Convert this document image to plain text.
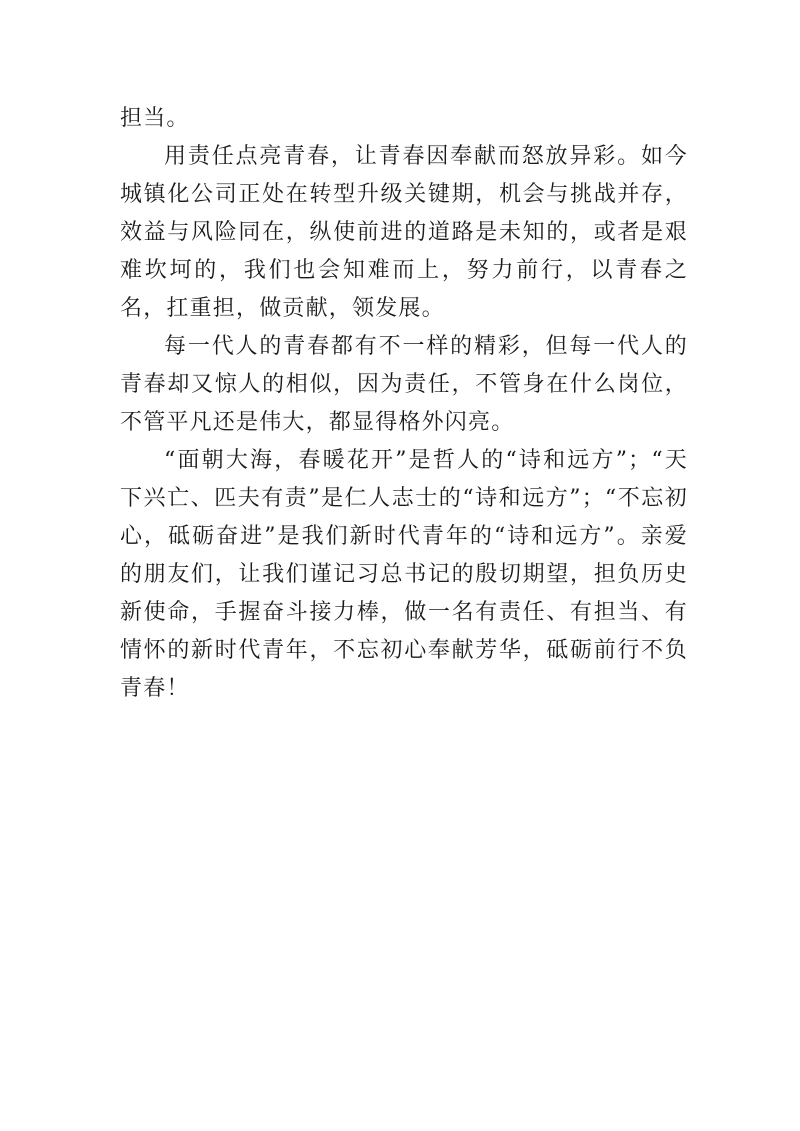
担当。

用责任点亮青春，让青春因奉献而怒放异彩。如今城镇化公司正处在转型升级关键期，机会与挑战并存，效益与风险同在，纵使前进的道路是未知的，或者是艰难坎坷的，我们也会知难而上，努力前行，以青春之名，扛重担，做贡献，领发展。

每一代人的青春都有不一样的精彩，但每一代人的青春却又惊人的相似，因为责任，不管身在什么岗位，不管平凡还是伟大，都显得格外闪亮。

“面朝大海，春暖花开”是哲人的“诗和远方”；“天下兴亡、匹夫有责”是仁人志士的“诗和远方”；“不忘初心，砥砺奋进”是我们新时代青年的“诗和远方”。亲爱的朋友们，让我们谨记习总书记的殷切期望，担负历史新使命，手握奋斗接力棒，做一名有责任、有担当、有情怀的新时代青年，不忘初心奉献芳华，砥砺前行不负青春！
